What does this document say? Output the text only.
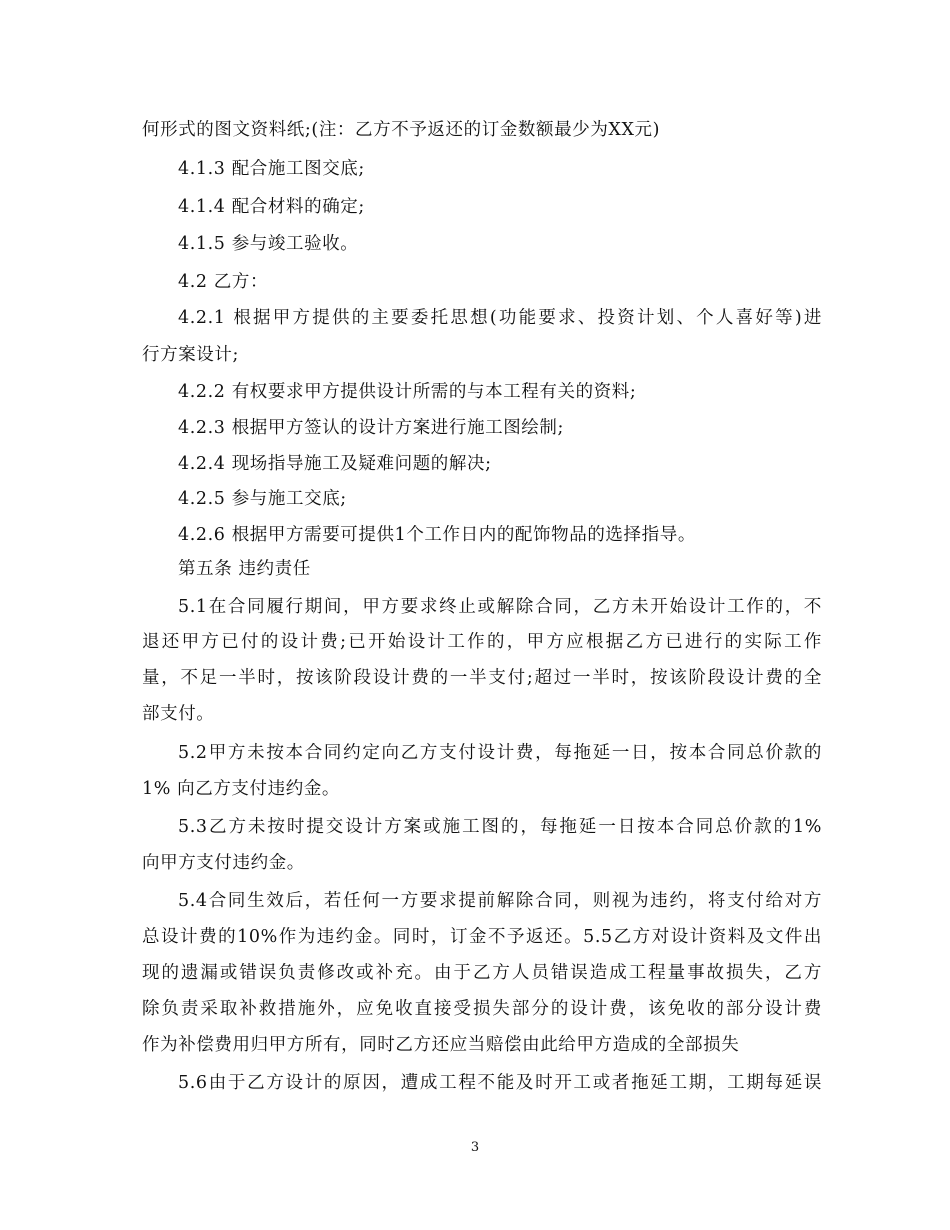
何形式的图文资料纸;(注：乙方不予返还的订金数额最少为XX元)
4.1.3 配合施工图交底;
4.1.4 配合材料的确定;
4.1.5 参与竣工验收。
4.2 乙方：
4.2.1 根据甲方提供的主要委托思想(功能要求、投资计划、个人喜好等)进
行方案设计;
4.2.2 有权要求甲方提供设计所需的与本工程有关的资料;
4.2.3 根据甲方签认的设计方案进行施工图绘制;
4.2.4 现场指导施工及疑难问题的解决;
4.2.5 参与施工交底;
4.2.6 根据甲方需要可提供1个工作日内的配饰物品的选择指导。
第五条 违约责任
5.1在合同履行期间，甲方要求终止或解除合同，乙方未开始设计工作的，不
退还甲方已付的设计费;已开始设计工作的，甲方应根据乙方已进行的实际工作
量，不足一半时，按该阶段设计费的一半支付;超过一半时，按该阶段设计费的全
部支付。
5.2甲方未按本合同约定向乙方支付设计费，每拖延一日，按本合同总价款的
1% 向乙方支付违约金。
5.3乙方未按时提交设计方案或施工图的，每拖延一日按本合同总价款的1%
向甲方支付违约金。
5.4合同生效后，若任何一方要求提前解除合同，则视为违约，将支付给对方
总设计费的10%作为违约金。同时，订金不予返还。5.5乙方对设计资料及文件出
现的遗漏或错误负责修改或补充。由于乙方人员错误造成工程量事故损失，乙方
除负责采取补救措施外，应免收直接受损失部分的设计费，该免收的部分设计费
作为补偿费用归甲方所有，同时乙方还应当赔偿由此给甲方造成的全部损失
5.6由于乙方设计的原因，遭成工程不能及时开工或者拖延工期，工期每延误
3
